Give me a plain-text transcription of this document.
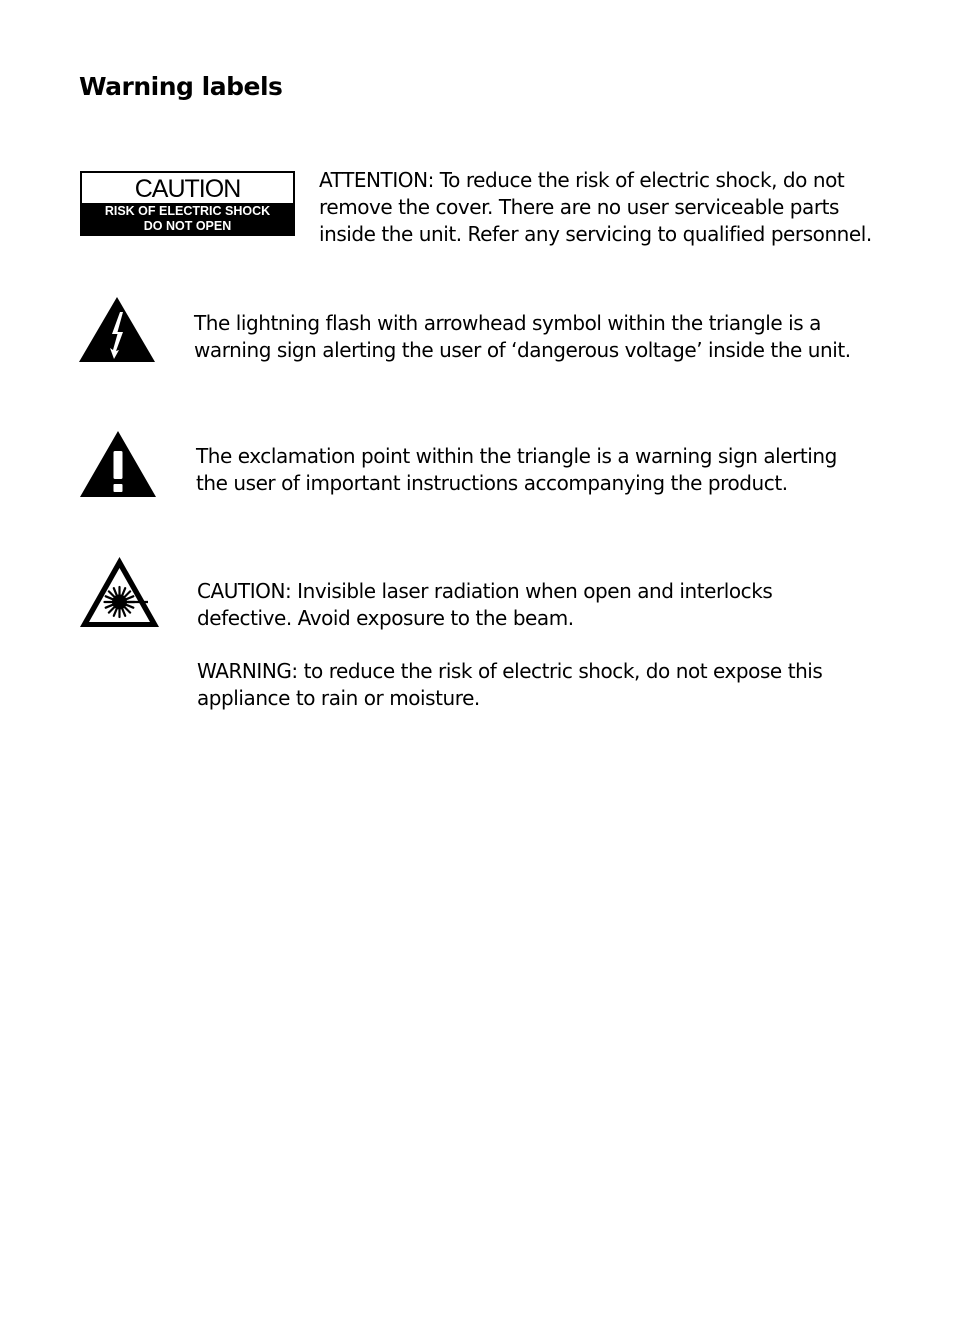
Warning labels
CAUTION
RISK OF ELECTRIC SHOCK
DO NOT OPEN

ATTENTION: To reduce the risk of electric shock, do not
remove the cover. There are no user serviceable parts
inside the unit. Refer any servicing to qualified personnel.

The lightning flash with arrowhead symbol within the triangle is a
warning sign alerting the user of ‘dangerous voltage’ inside the unit.

The exclamation point within the triangle is a warning sign alerting
the user of important instructions accompanying the product.

CAUTION: Invisible laser radiation when open and interlocks
defective. Avoid exposure to the beam.

WARNING: to reduce the risk of electric shock, do not expose this
appliance to rain or moisture.
